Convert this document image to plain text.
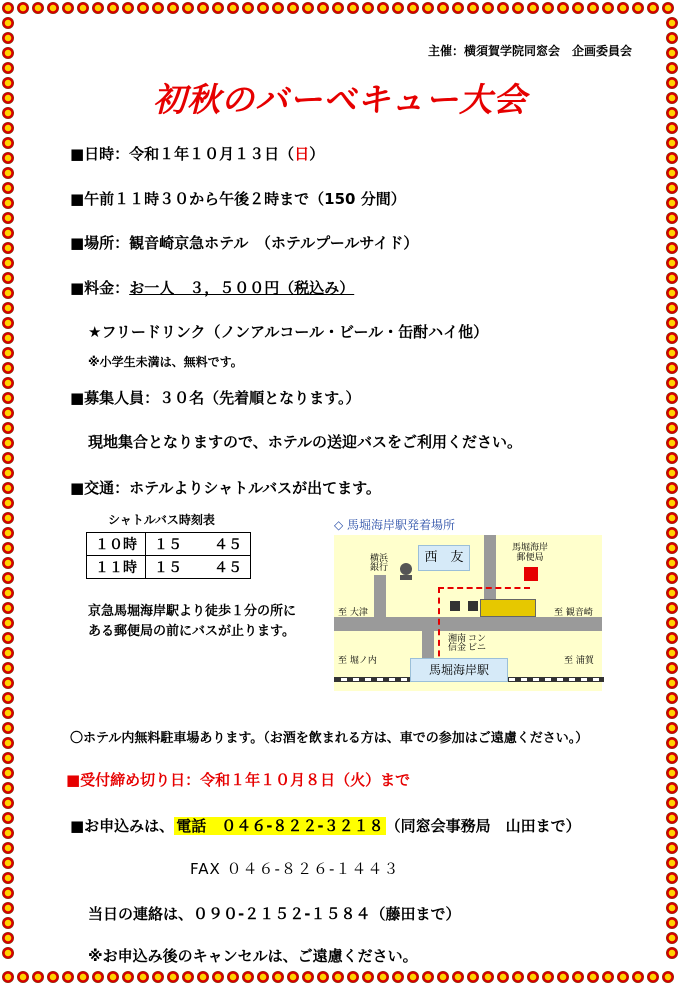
主催：横須賀学院同窓会　企画委員会
初秋のバーベキュー大会
■日時：令和１年１０月１３日（日）
■午前１１時３０から午後２時まで（150 分間）
■場所：観音崎京急ホテル　（ホテルプールサイド）
■料金：お一人　３，５００円（税込み）
★フリードリンク（ノンアルコール・ビール・缶酎ハイ他）
※小学生未満は、無料です。
■募集人員：３０名（先着順となります。）
現地集合となりますので、ホテルの送迎バスをご利用ください。
■交通：ホテルよりシャトルバスが出てます。
シャトルバス時刻表
１０時	１５	４５
１１時	１５	４５
京急馬堀海岸駅より徒歩１分の所にある郵便局の前にバスが止ります。
◇ 馬堀海岸駅発着場所
西　友
馬堀海岸
郵便局
横浜
銀行
湘南
信金
コン
ビニ
至 大津	至 観音崎
至 堀ノ内	至 浦賀
馬堀海岸駅
〇ホテル内無料駐車場あります。（お酒を飲まれる方は、車での参加はご遠慮ください。）
■受付締め切り日：令和１年１０月８日（火）まで
■お申込みは、 電話　０４６-８２２-３２１８ （同窓会事務局　山田まで）
FAX ０４６-８２６-１４４３
当日の連絡は、０９０-２１５２-１５８４（藤田まで）
※お申込み後のキャンセルは、ご遠慮ください。
